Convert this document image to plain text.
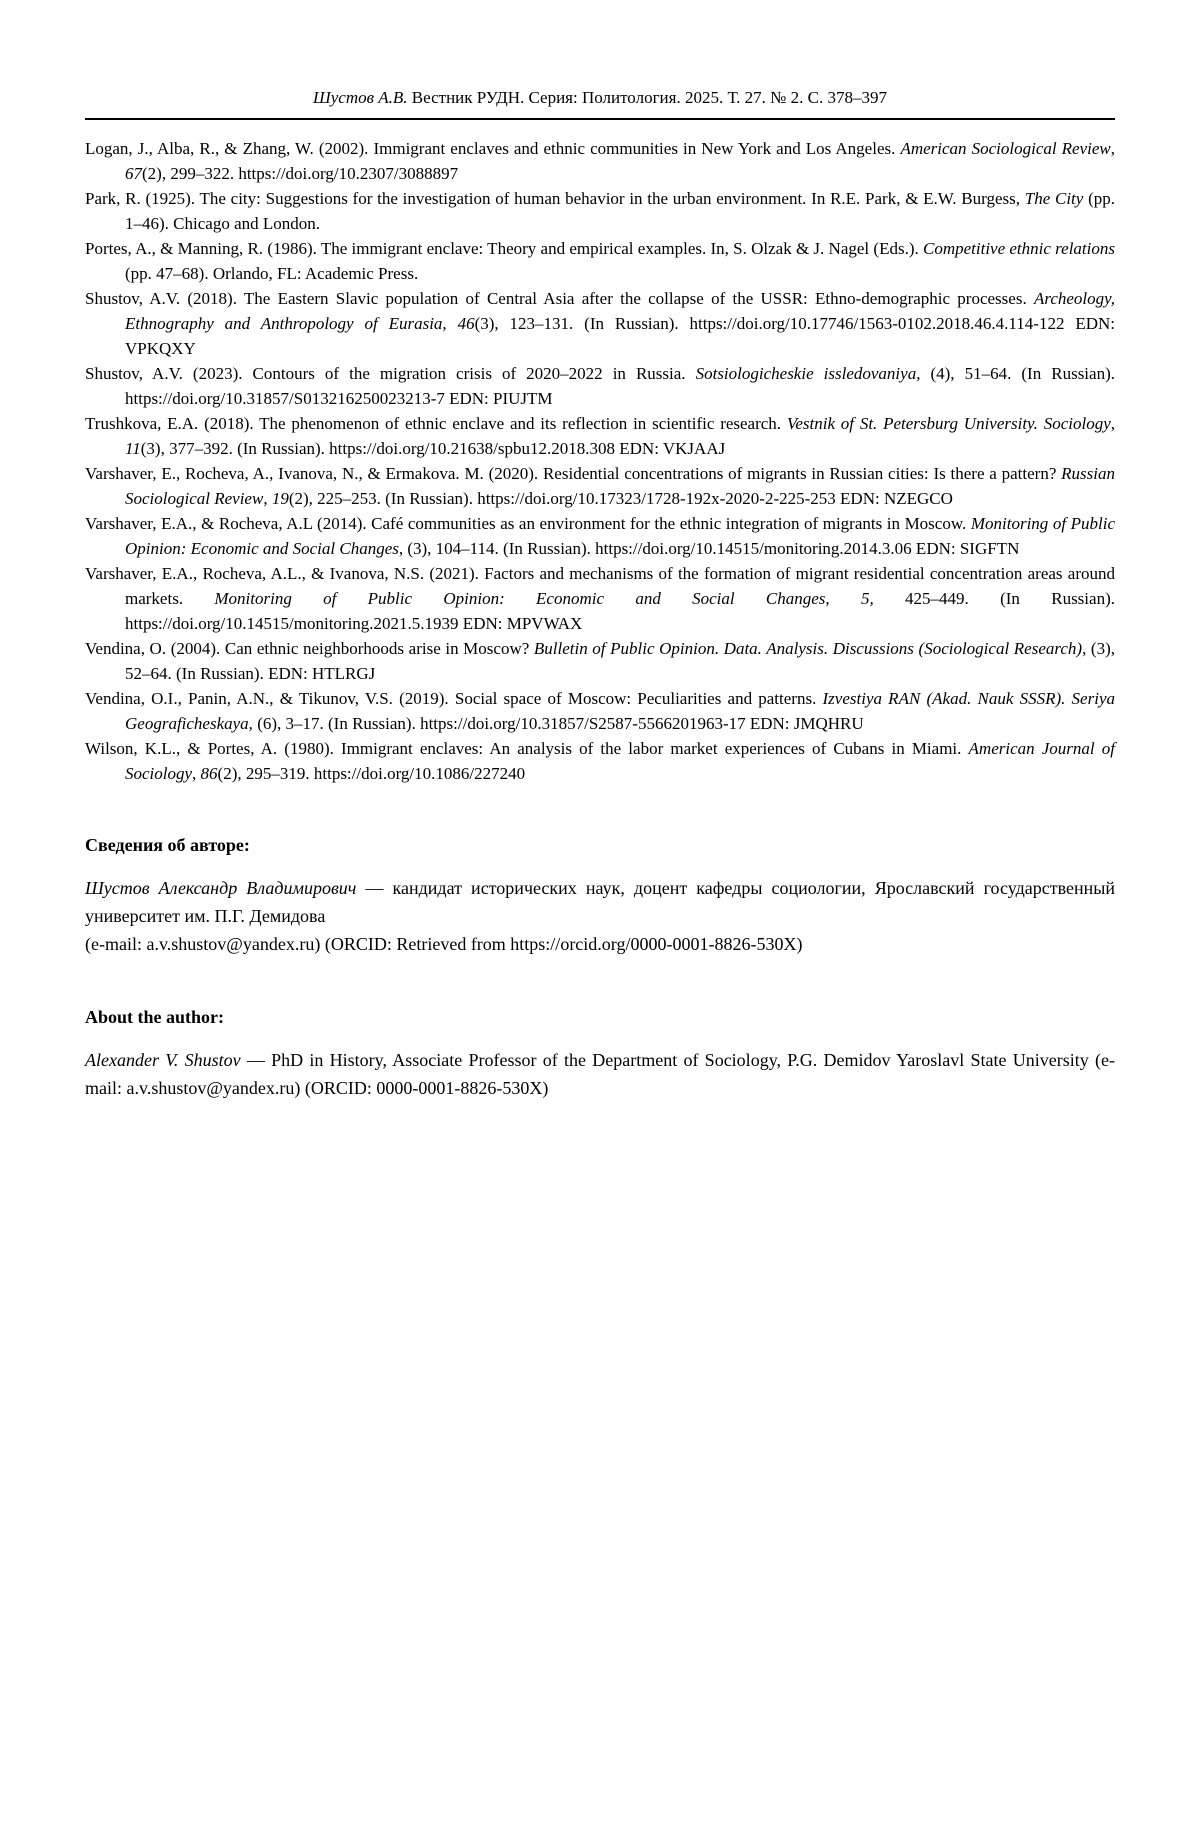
Шустов А.В. Вестник РУДН. Серия: Политология. 2025. Т. 27. № 2. С. 378–397

Logan, J., Alba, R., & Zhang, W. (2002). Immigrant enclaves and ethnic communities in New York and Los Angeles. American Sociological Review, 67(2), 299–322. https://doi.org/10.2307/3088897

Park, R. (1925). The city: Suggestions for the investigation of human behavior in the urban environment. In R.E. Park, & E.W. Burgess, The City (pp. 1–46). Chicago and London.

Portes, A., & Manning, R. (1986). The immigrant enclave: Theory and empirical examples. In, S. Olzak & J. Nagel (Eds.). Competitive ethnic relations (pp. 47–68). Orlando, FL: Academic Press.

Shustov, A.V. (2018). The Eastern Slavic population of Central Asia after the collapse of the USSR: Ethno-demographic processes. Archeology, Ethnography and Anthropology of Eurasia, 46(3), 123–131. (In Russian). https://doi.org/10.17746/1563-0102.2018.46.4.114-122 EDN: VPKQXY

Shustov, A.V. (2023). Contours of the migration crisis of 2020–2022 in Russia. Sotsiologicheskie issledovaniya, (4), 51–64. (In Russian). https://doi.org/10.31857/S013216250023213-7 EDN: PIUJTM

Trushkova, E.A. (2018). The phenomenon of ethnic enclave and its reflection in scientific research. Vestnik of St. Petersburg University. Sociology, 11(3), 377–392. (In Russian). https://doi.org/10.21638/spbu12.2018.308 EDN: VKJAAJ

Varshaver, E., Rocheva, A., Ivanova, N., & Ermakova. M. (2020). Residential concentrations of migrants in Russian cities: Is there a pattern? Russian Sociological Review, 19(2), 225–253. (In Russian). https://doi.org/10.17323/1728-192x-2020-2-225-253 EDN: NZEGCO

Varshaver, E.A., & Rocheva, A.L (2014). Café communities as an environment for the ethnic integration of migrants in Moscow. Monitoring of Public Opinion: Economic and Social Changes, (3), 104–114. (In Russian). https://doi.org/10.14515/monitoring.2014.3.06 EDN: SIGFTN

Varshaver, E.A., Rocheva, A.L., & Ivanova, N.S. (2021). Factors and mechanisms of the formation of migrant residential concentration areas around markets. Monitoring of Public Opinion: Economic and Social Changes, 5, 425–449. (In Russian). https://doi.org/10.14515/monitoring.2021.5.1939 EDN: MPVWAX

Vendina, O. (2004). Can ethnic neighborhoods arise in Moscow? Bulletin of Public Opinion. Data. Analysis. Discussions (Sociological Research), (3), 52–64. (In Russian). EDN: HTLRGJ

Vendina, O.I., Panin, A.N., & Tikunov, V.S. (2019). Social space of Moscow: Peculiarities and patterns. Izvestiya RAN (Akad. Nauk SSSR). Seriya Geograficheskaya, (6), 3–17. (In Russian). https://doi.org/10.31857/S2587-5566201963-17 EDN: JMQHRU

Wilson, K.L., & Portes, A. (1980). Immigrant enclaves: An analysis of the labor market experiences of Cubans in Miami. American Journal of Sociology, 86(2), 295–319. https://doi.org/10.1086/227240

Сведения об авторе:

Шустов Александр Владимирович — кандидат исторических наук, доцент кафедры социологии, Ярославский государственный университет им. П.Г. Демидова
(e-mail: a.v.shustov@yandex.ru) (ORCID: Retrieved from https://orcid.org/0000-0001-8826-530X)

About the author:

Alexander V. Shustov — PhD in History, Associate Professor of the Department of Sociology, P.G. Demidov Yaroslavl State University (e-mail: a.v.shustov@yandex.ru) (ORCID: 0000-0001-8826-530X)
